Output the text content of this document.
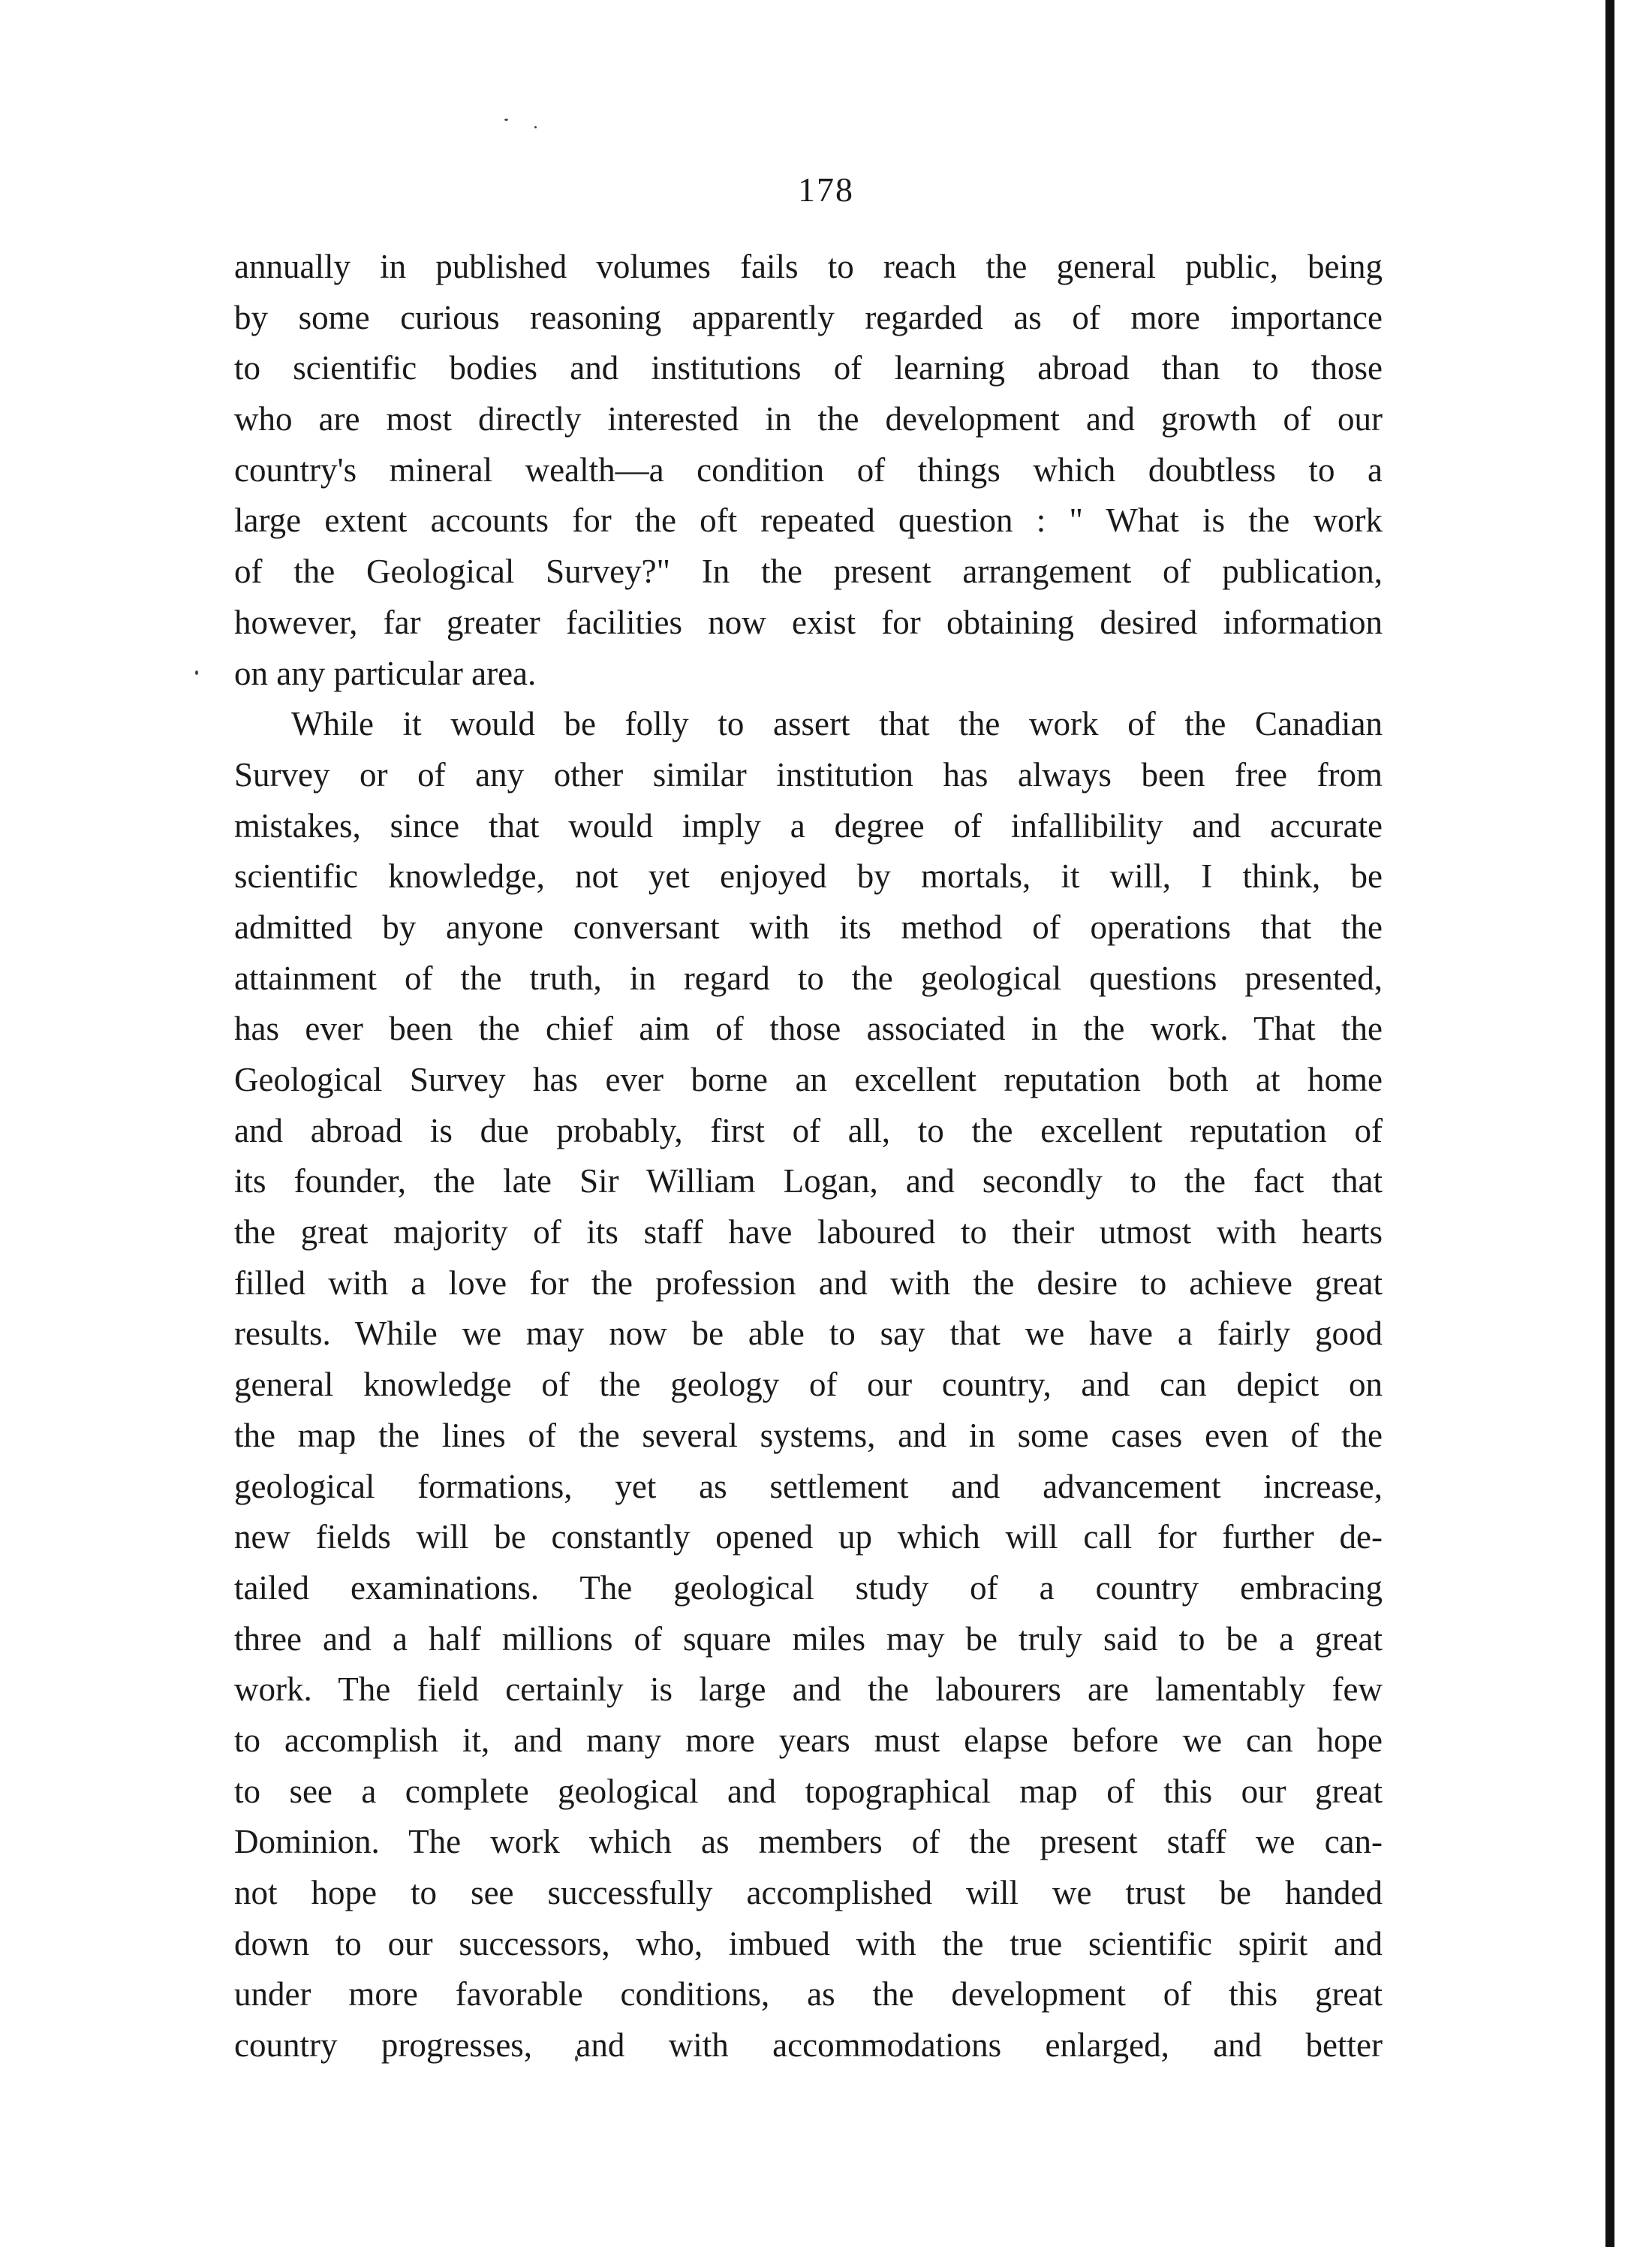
178
annually in published volumes fails to reach the general public, being
by some curious reasoning apparently regarded as of more importance
to scientific bodies and institutions of learning abroad than to those
who are most directly interested in the development and growth of our
country's mineral wealth—a condition of things which doubtless to a
large extent accounts for the oft repeated question : " What is the work
of the Geological Survey?" In the present arrangement of publication,
however, far greater facilities now exist for obtaining desired information
on any particular area.
While it would be folly to assert that the work of the Canadian
Survey or of any other similar institution has always been free from
mistakes, since that would imply a degree of infallibility and accurate
scientific knowledge, not yet enjoyed by mortals, it will, I think, be
admitted by anyone conversant with its method of operations that the
attainment of the truth, in regard to the geological questions presented,
has ever been the chief aim of those associated in the work. That the
Geological Survey has ever borne an excellent reputation both at home
and abroad is due probably, first of all, to the excellent reputation of
its founder, the late Sir William Logan, and secondly to the fact that
the great majority of its staff have laboured to their utmost with hearts
filled with a love for the profession and with the desire to achieve great
results. While we may now be able to say that we have a fairly good
general knowledge of the geology of our country, and can depict on
the map the lines of the several systems, and in some cases even of the
geological formations, yet as settlement and advancement increase,
new fields will be constantly opened up which will call for further de-
tailed examinations. The geological study of a country embracing
three and a half millions of square miles may be truly said to be a great
work. The field certainly is large and the labourers are lamentably few
to accomplish it, and many more years must elapse before we can hope
to see a complete geological and topographical map of this our great
Dominion. The work which as members of the present staff we can-
not hope to see successfully accomplished will we trust be handed
down to our successors, who, imbued with the true scientific spirit and
under more favorable conditions, as the development of this great
country progresses, and with accommodations enlarged, and better
